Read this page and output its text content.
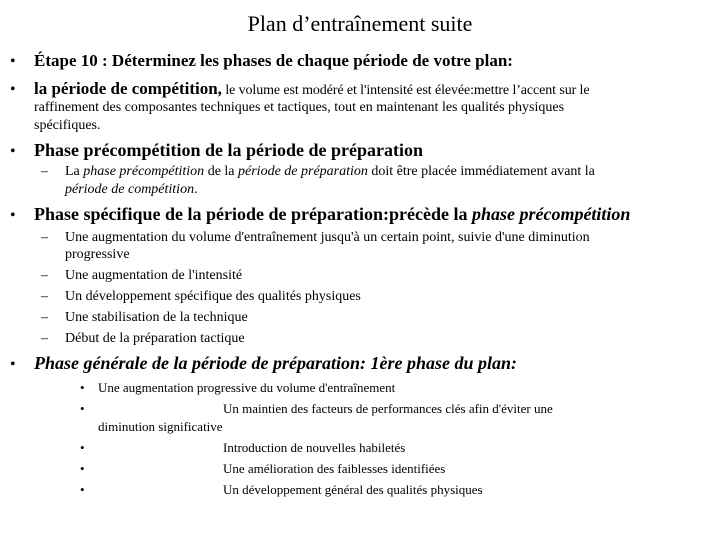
Plan d’entraînement suite
• Étape 10 : Déterminez les phases de chaque période de votre plan:
• la période de compétition, le volume est modéré et l'intensité est élevée:mettre l’accent sur le
raffinement des composantes techniques et tactiques, tout en maintenant les qualités physiques
spécifiques.
• Phase précompétition de la période de préparation
– La phase précompétition de la période de préparation doit être placée immédiatement avant la
période de compétition.
• Phase spécifique de la période de préparation:précède la phase précompétition
– Une augmentation du volume d'entraînement jusqu'à un certain point, suivie d'une diminution
progressive
– Une augmentation de l'intensité
– Un développement spécifique des qualités physiques
– Une stabilisation de la technique
– Début de la préparation tactique
• Phase générale de la période de préparation: 1ère phase du plan:
• Une augmentation progressive du volume d'entraînement
•	Un maintien des facteurs de performances clés afin d'éviter une
diminution significative
•	Introduction de nouvelles habiletés
•	Une amélioration des faiblesses identifiées
•	Un développement général des qualités physiques
